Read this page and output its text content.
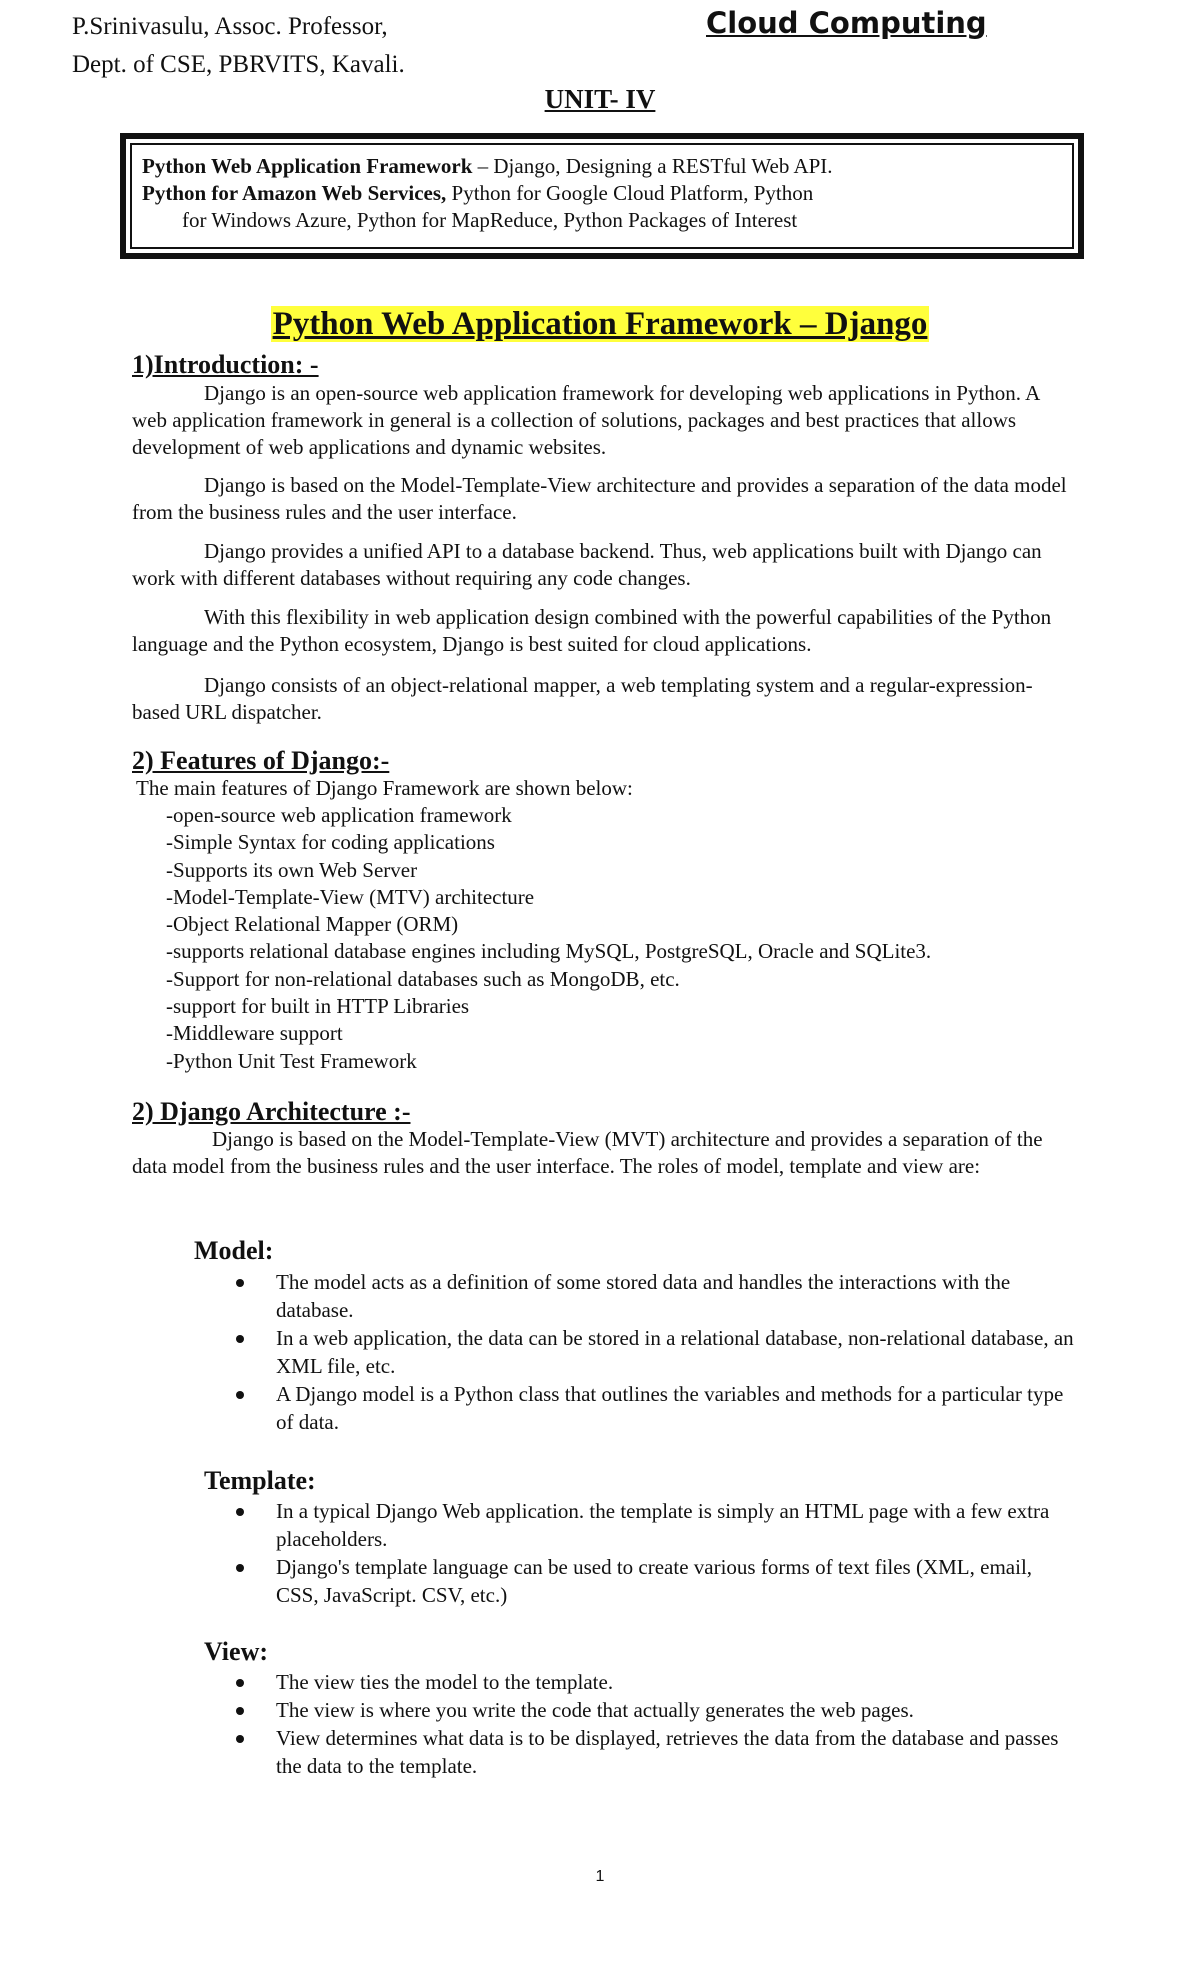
P.Srinivasulu, Assoc. Professor,
Dept. of CSE, PBRVITS, Kavali.
Cloud Computing
UNIT- IV
Python Web Application Framework – Django, Designing a RESTful Web API.
Python for Amazon Web Services, Python for Google Cloud Platform, Python
for Windows Azure, Python for MapReduce, Python Packages of Interest
Python Web Application Framework – Django
1)Introduction: -
Django is an open-source web application framework for developing web applications in Python. A web application framework in general is a collection of solutions, packages and best practices that allows development of web applications and dynamic websites.
Django is based on the Model-Template-View architecture and provides a separation of the data model from the business rules and the user interface.
Django provides a unified API to a database backend. Thus, web applications built with Django can work with different databases without requiring any code changes.
With this flexibility in web application design combined with the powerful capabilities of the Python language and the Python ecosystem, Django is best suited for cloud applications.
Django consists of an object-relational mapper, a web templating system and a regular-expression-based URL dispatcher.
2) Features of Django:-
The main features of Django Framework are shown below:
-open-source web application framework
-Simple Syntax for coding applications
-Supports its own Web Server
-Model-Template-View (MTV) architecture
-Object Relational Mapper (ORM)
-supports relational database engines including MySQL, PostgreSQL, Oracle and SQLite3.
-Support for non-relational databases such as MongoDB, etc.
-support for built in HTTP Libraries
-Middleware support
-Python Unit Test Framework
2) Django Architecture :-
Django is based on the Model-Template-View (MVT) architecture and provides a separation of the data model from the business rules and the user interface. The roles of model, template and view are:
Model:
The model acts as a definition of some stored data and handles the interactions with the database.
In a web application, the data can be stored in a relational database, non-relational database, an XML file, etc.
A Django model is a Python class that outlines the variables and methods for a particular type of data.
Template:
In a typical Django Web application. the template is simply an HTML page with a few extra placeholders.
Django's template language can be used to create various forms of text files (XML, email, CSS, JavaScript. CSV, etc.)
View:
The view ties the model to the template.
The view is where you write the code that actually generates the web pages.
View determines what data is to be displayed, retrieves the data from the database and passes the data to the template.
1
